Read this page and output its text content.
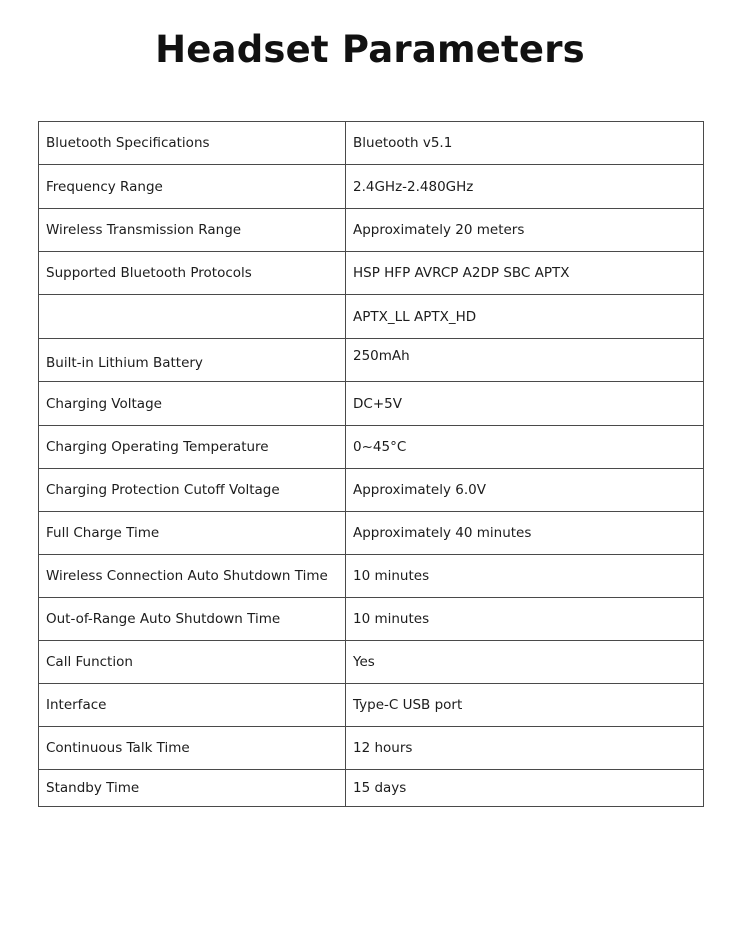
Headset Parameters
Bluetooth Specifications	Bluetooth v5.1
Frequency Range	2.4GHz-2.480GHz
Wireless Transmission Range	Approximately 20 meters
Supported Bluetooth Protocols	HSP HFP AVRCP A2DP SBC APTX
	APTX_LL APTX_HD
Built-in Lithium Battery	250mAh
Charging Voltage	DC+5V
Charging Operating Temperature	0~45°C
Charging Protection Cutoff Voltage	Approximately 6.0V
Full Charge Time	Approximately 40 minutes
Wireless Connection Auto Shutdown Time	10 minutes
Out-of-Range Auto Shutdown Time	10 minutes
Call Function	Yes
Interface	Type-C USB port
Continuous Talk Time	12 hours
Standby Time	15 days
